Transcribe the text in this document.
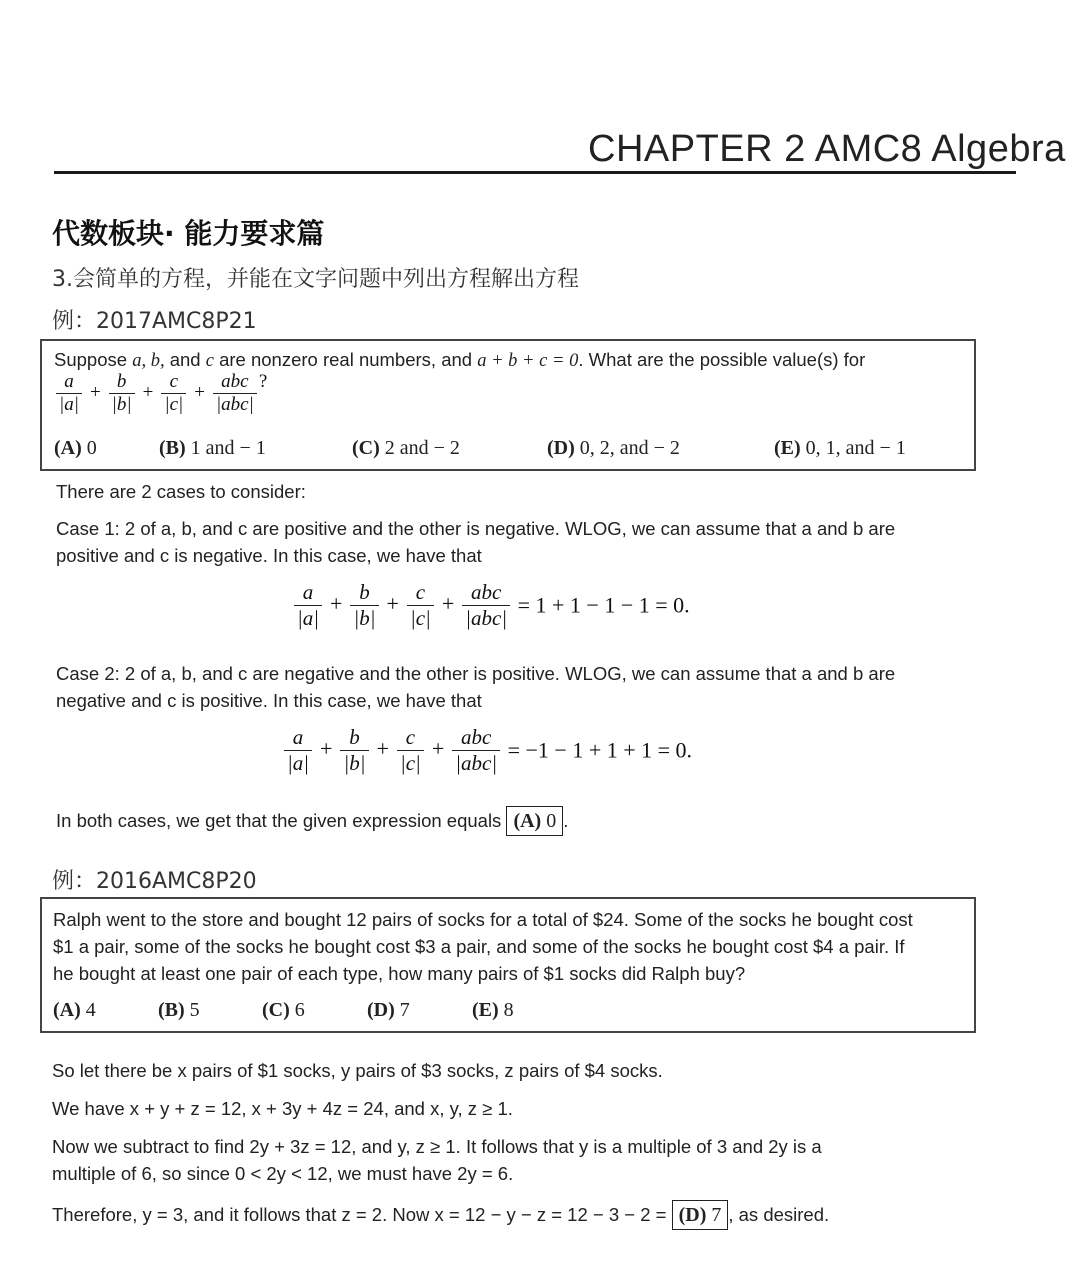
CHAPTER 2 AMC8 Algebra
代数板块· 能力要求篇
3.会简单的方程，并能在文字问题中列出方程解出方程
例：2017AMC8P21
Suppose a, b, and c are nonzero real numbers, and a + b + c = 0. What are the possible value(s) for
$\frac{a}{|a|} + \frac{b}{|b|} + \frac{c}{|c|} + \frac{\text{abc}}{\text{|abc|}}$ ?
(A) 0	(B) 1 and − 1	(C) 2 and − 2	(D) 0, 2, and − 2	(E) 0, 1, and − 1
There are 2 cases to consider:
Case 1: 2 of a, b, and c are positive and the other is negative. WLOG, we can assume that a and b are
positive and c is negative. In this case, we have that
$\frac{a}{|a|} + \frac{b}{|b|} + \frac{c}{|c|} + \frac{\text{abc}}{\text{|abc|}} = 1 + 1 - 1 - 1 = 0$.
Case 2: 2 of a, b, and c are negative and the other is positive. WLOG, we can assume that a and b are
negative and c is positive. In this case, we have that
$\frac{a}{|a|} + \frac{b}{|b|} + \frac{c}{|c|} + \frac{\text{abc}}{\text{|abc|}} = -1 - 1 + 1 + 1 = 0$.
In both cases, we get that the given expression equals (A) 0 .
例：2016AMC8P20
Ralph went to the store and bought 12 pairs of socks for a total of $24. Some of the socks he bought cost
$1 a pair, some of the socks he bought cost $3 a pair, and some of the socks he bought cost $4 a pair. If
he bought at least one pair of each type, how many pairs of $1 socks did Ralph buy?
(A) 4	(B) 5	(C) 6	(D) 7	(E) 8
So let there be x pairs of $1 socks, y pairs of $3 socks, z pairs of $4 socks.
We have x + y + z = 12, x + 3y + 4z = 24, and x, y, z ≥ 1.
Now we subtract to find 2y + 3z = 12, and y, z ≥ 1. It follows that y is a multiple of 3 and 2y is a
multiple of 6, so since 0 < 2y < 12, we must have 2y = 6.
Therefore, y = 3, and it follows that z = 2. Now x = 12 − y − z = 12 − 3 − 2 = (D) 7 , as desired.
